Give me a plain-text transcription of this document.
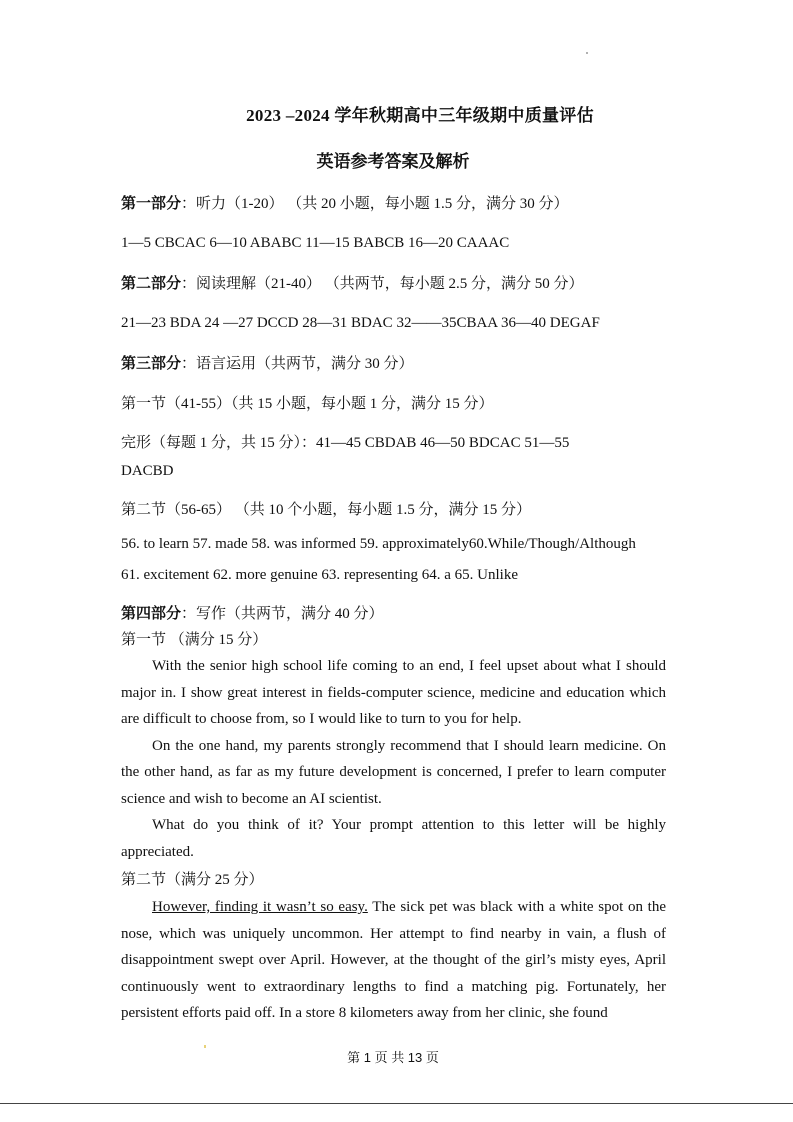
2023 –2024 学年秋期高中三年级期中质量评估
英语参考答案及解析
第一部分：听力（1-20） （共 20 小题，每小题 1.5 分，满分 30 分）
1—5 CBCAC 6—10 ABABC 11—15 BABCB 16—20 CAAAC
第二部分：阅读理解（21-40） （共两节，每小题 2.5 分，满分 50 分）
21—23 BDA 24 —27 DCCD 28—31 BDAC 32——35CBAA 36—40 DEGAF
第三部分：语言运用（共两节，满分 30 分）
第一节（41-55）（共 15 小题，每小题 1 分，满分 15 分）
完形（每题 1 分，共 15 分）：41—45 CBDAB 46—50 BDCAC 51—55
DACBD
第二节（56-65） （共 10 个小题，每小题 1.5 分，满分 15 分）
56. to learn 57. made 58. was informed 59. approximately60.While/Though/Although
61. excitement 62. more genuine 63. representing 64. a 65. Unlike
第四部分：写作（共两节，满分 40 分）
第一节 （满分 15 分）

With the senior high school life coming to an end, I feel upset about what I should major in. I show great interest in fields-computer science, medicine and education which are difficult to choose from, so I would like to turn to you for help.

On the one hand, my parents strongly recommend that I should learn medicine. On the other hand, as far as my future development is concerned, I prefer to learn computer science and wish to become an AI scientist.

What do you think of it? Your prompt attention to this letter will be highly appreciated.

第二节（满分 25 分）

However, finding it wasn’t so easy. The sick pet was black with a white spot on the nose, which was uniquely uncommon. Her attempt to find nearby in vain, a flush of disappointment swept over April. However, at the thought of the girl’s misty eyes, April continuously went to extraordinary lengths to find a matching pig. Fortunately, her persistent efforts paid off. In a store 8 kilometers away from her clinic, she found

第 1 页 共 13 页
